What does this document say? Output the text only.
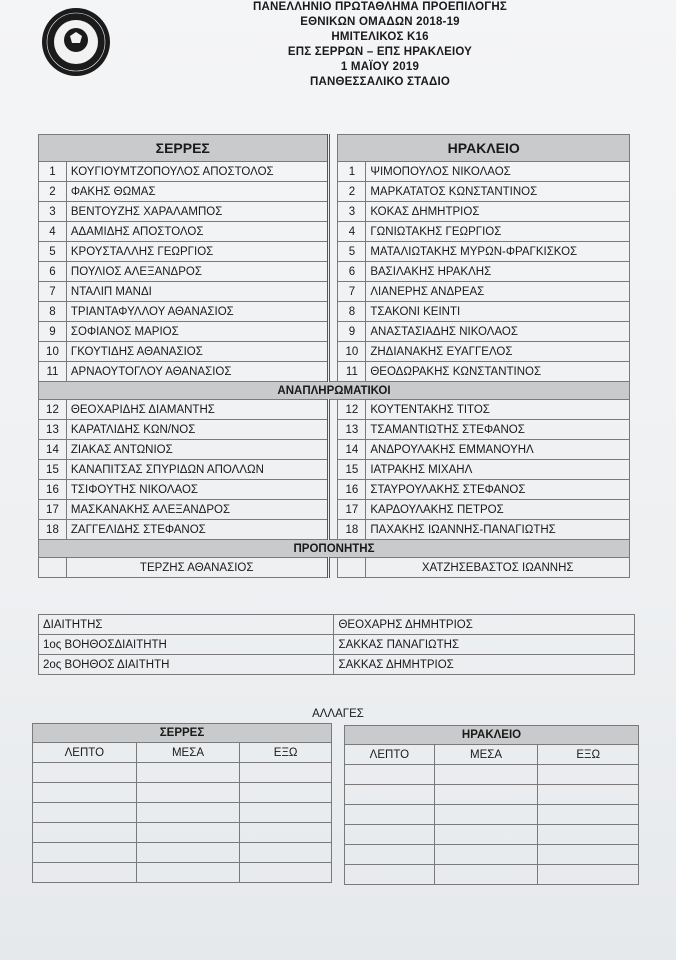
ΠΑΝΕΛΛΗΝΙΟ ΠΡΩΤΑΘΛΗΜΑ ΠΡΟΕΠΙΛΟΓΗΣ
ΕΘΝΙΚΩΝ ΟΜΑΔΩΝ 2018-19
ΗΜΙΤΕΛΙΚΟΣ Κ16
ΕΠΣ ΣΕΡΡΩΝ – ΕΠΣ ΗΡΑΚΛΕΙΟΥ
1 ΜΑΪΟΥ 2019
ΠΑΝΘΕΣΣΑΛΙΚΟ ΣΤΑΔΙΟ
ΣΕΡΡΕΣ			ΗΡΑΚΛΕΙΟ	
1	ΚΟΥΓΙΟΥΜΤΖΟΠΟΥΛΟΣ ΑΠΟΣΤΟΛΟΣ		1	ΨΙΜΟΠΟΥΛΟΣ ΝΙΚΟΛΑΟΣ
2	ΦΑΚΗΣ ΘΩΜΑΣ		2	ΜΑΡΚΑΤΑΤΟΣ ΚΩΝΣΤΑΝΤΙΝΟΣ
3	ΒΕΝΤΟΥΖΗΣ ΧΑΡΑΛΑΜΠΟΣ		3	ΚΟΚΑΣ ΔΗΜΗΤΡΙΟΣ
4	ΑΔΑΜΙΔΗΣ ΑΠΟΣΤΟΛΟΣ		4	ΓΩΝΙΩΤΑΚΗΣ ΓΕΩΡΓΙΟΣ
5	ΚΡΟΥΣΤΑΛΛΗΣ ΓΕΩΡΓΙΟΣ		5	ΜΑΤΑΛΙΩΤΑΚΗΣ ΜΥΡΩΝ-ΦΡΑΓΚΙΣΚΟΣ
6	ΠΟΥΛΙΟΣ ΑΛΕΞΑΝΔΡΟΣ		6	ΒΑΣΙΛΑΚΗΣ ΗΡΑΚΛΗΣ
7	ΝΤΑΛΙΠ ΜΑΝΔΙ		7	ΛΙΑΝΕΡΗΣ ΑΝΔΡΕΑΣ
8	ΤΡΙΑΝΤΑΦΥΛΛΟΥ ΑΘΑΝΑΣΙΟΣ		8	ΤΣΑΚΟΝΙ ΚΕΙΝΤΙ
9	ΣΟΦΙΑΝΟΣ ΜΑΡΙΟΣ		9	ΑΝΑΣΤΑΣΙΑΔΗΣ ΝΙΚΟΛΑΟΣ
10	ΓΚΟΥΤΙΔΗΣ ΑΘΑΝΑΣΙΟΣ		10	ΖΗΔΙΑΝΑΚΗΣ ΕΥΑΓΓΕΛΟΣ
11	ΑΡΝΑΟΥΤΟΓΛΟΥ ΑΘΑΝΑΣΙΟΣ		11	ΘΕΟΔΩΡΑΚΗΣ ΚΩΝΣΤΑΝΤΙΝΟΣ
ΑΝΑΠΛΗΡΩΜΑΤΙΚΟΙ				
12	ΘΕΟΧΑΡΙΔΗΣ ΔΙΑΜΑΝΤΗΣ		12	ΚΟΥΤΕΝΤΑΚΗΣ ΤΙΤΟΣ
13	ΚΑΡΑΤΛΙΔΗΣ ΚΩΝ/ΝΟΣ		13	ΤΣΑΜΑΝΤΙΩΤΗΣ ΣΤΕΦΑΝΟΣ
14	ΖΙΑΚΑΣ ΑΝΤΩΝΙΟΣ		14	ΑΝΔΡΟΥΛΑΚΗΣ ΕΜΜΑΝΟΥΗΛ
15	ΚΑΝΑΠΙΤΣΑΣ ΣΠΥΡΙΔΩΝ ΑΠΟΛΛΩΝ		15	ΙΑΤΡΑΚΗΣ ΜΙΧΑΗΛ
16	ΤΣΙΦΟΥΤΗΣ ΝΙΚΟΛΑΟΣ		16	ΣΤΑΥΡΟΥΛΑΚΗΣ ΣΤΕΦΑΝΟΣ
17	ΜΑΣΚΑΝΑΚΗΣ ΑΛΕΞΑΝΔΡΟΣ		17	ΚΑΡΔΟΥΛΑΚΗΣ ΠΕΤΡΟΣ
18	ΖΑΓΓΕΛΙΔΗΣ ΣΤΕΦΑΝΟΣ		18	ΠΑΧΑΚΗΣ ΙΩΑΝΝΗΣ-ΠΑΝΑΓΙΩΤΗΣ
ΠΡΟΠΟΝΗΤΗΣ				
	ΤΕΡΖΗΣ ΑΘΑΝΑΣΙΟΣ			ΧΑΤΖΗΣΕΒΑΣΤΟΣ ΙΩΑΝΝΗΣ
ΔΙΑΙΤΗΤΗΣ	ΘΕΟΧΑΡΗΣ ΔΗΜΗΤΡΙΟΣ
1ος ΒΟΗΘΟΣΔΙΑΙΤΗΤΗ	ΣΑΚΚΑΣ ΠΑΝΑΓΙΩΤΗΣ
2ος ΒΟΗΘΟΣ ΔΙΑΙΤΗΤΗ	ΣΑΚΚΑΣ ΔΗΜΗΤΡΙΟΣ
ΑΛΛΑΓΕΣ
ΣΕΡΡΕΣ		
ΛΕΠΤΟ	ΜΕΣΑ	ΕΞΩ

ΗΡΑΚΛΕΙΟ		
ΛΕΠΤΟ	ΜΕΣΑ	ΕΞΩ
